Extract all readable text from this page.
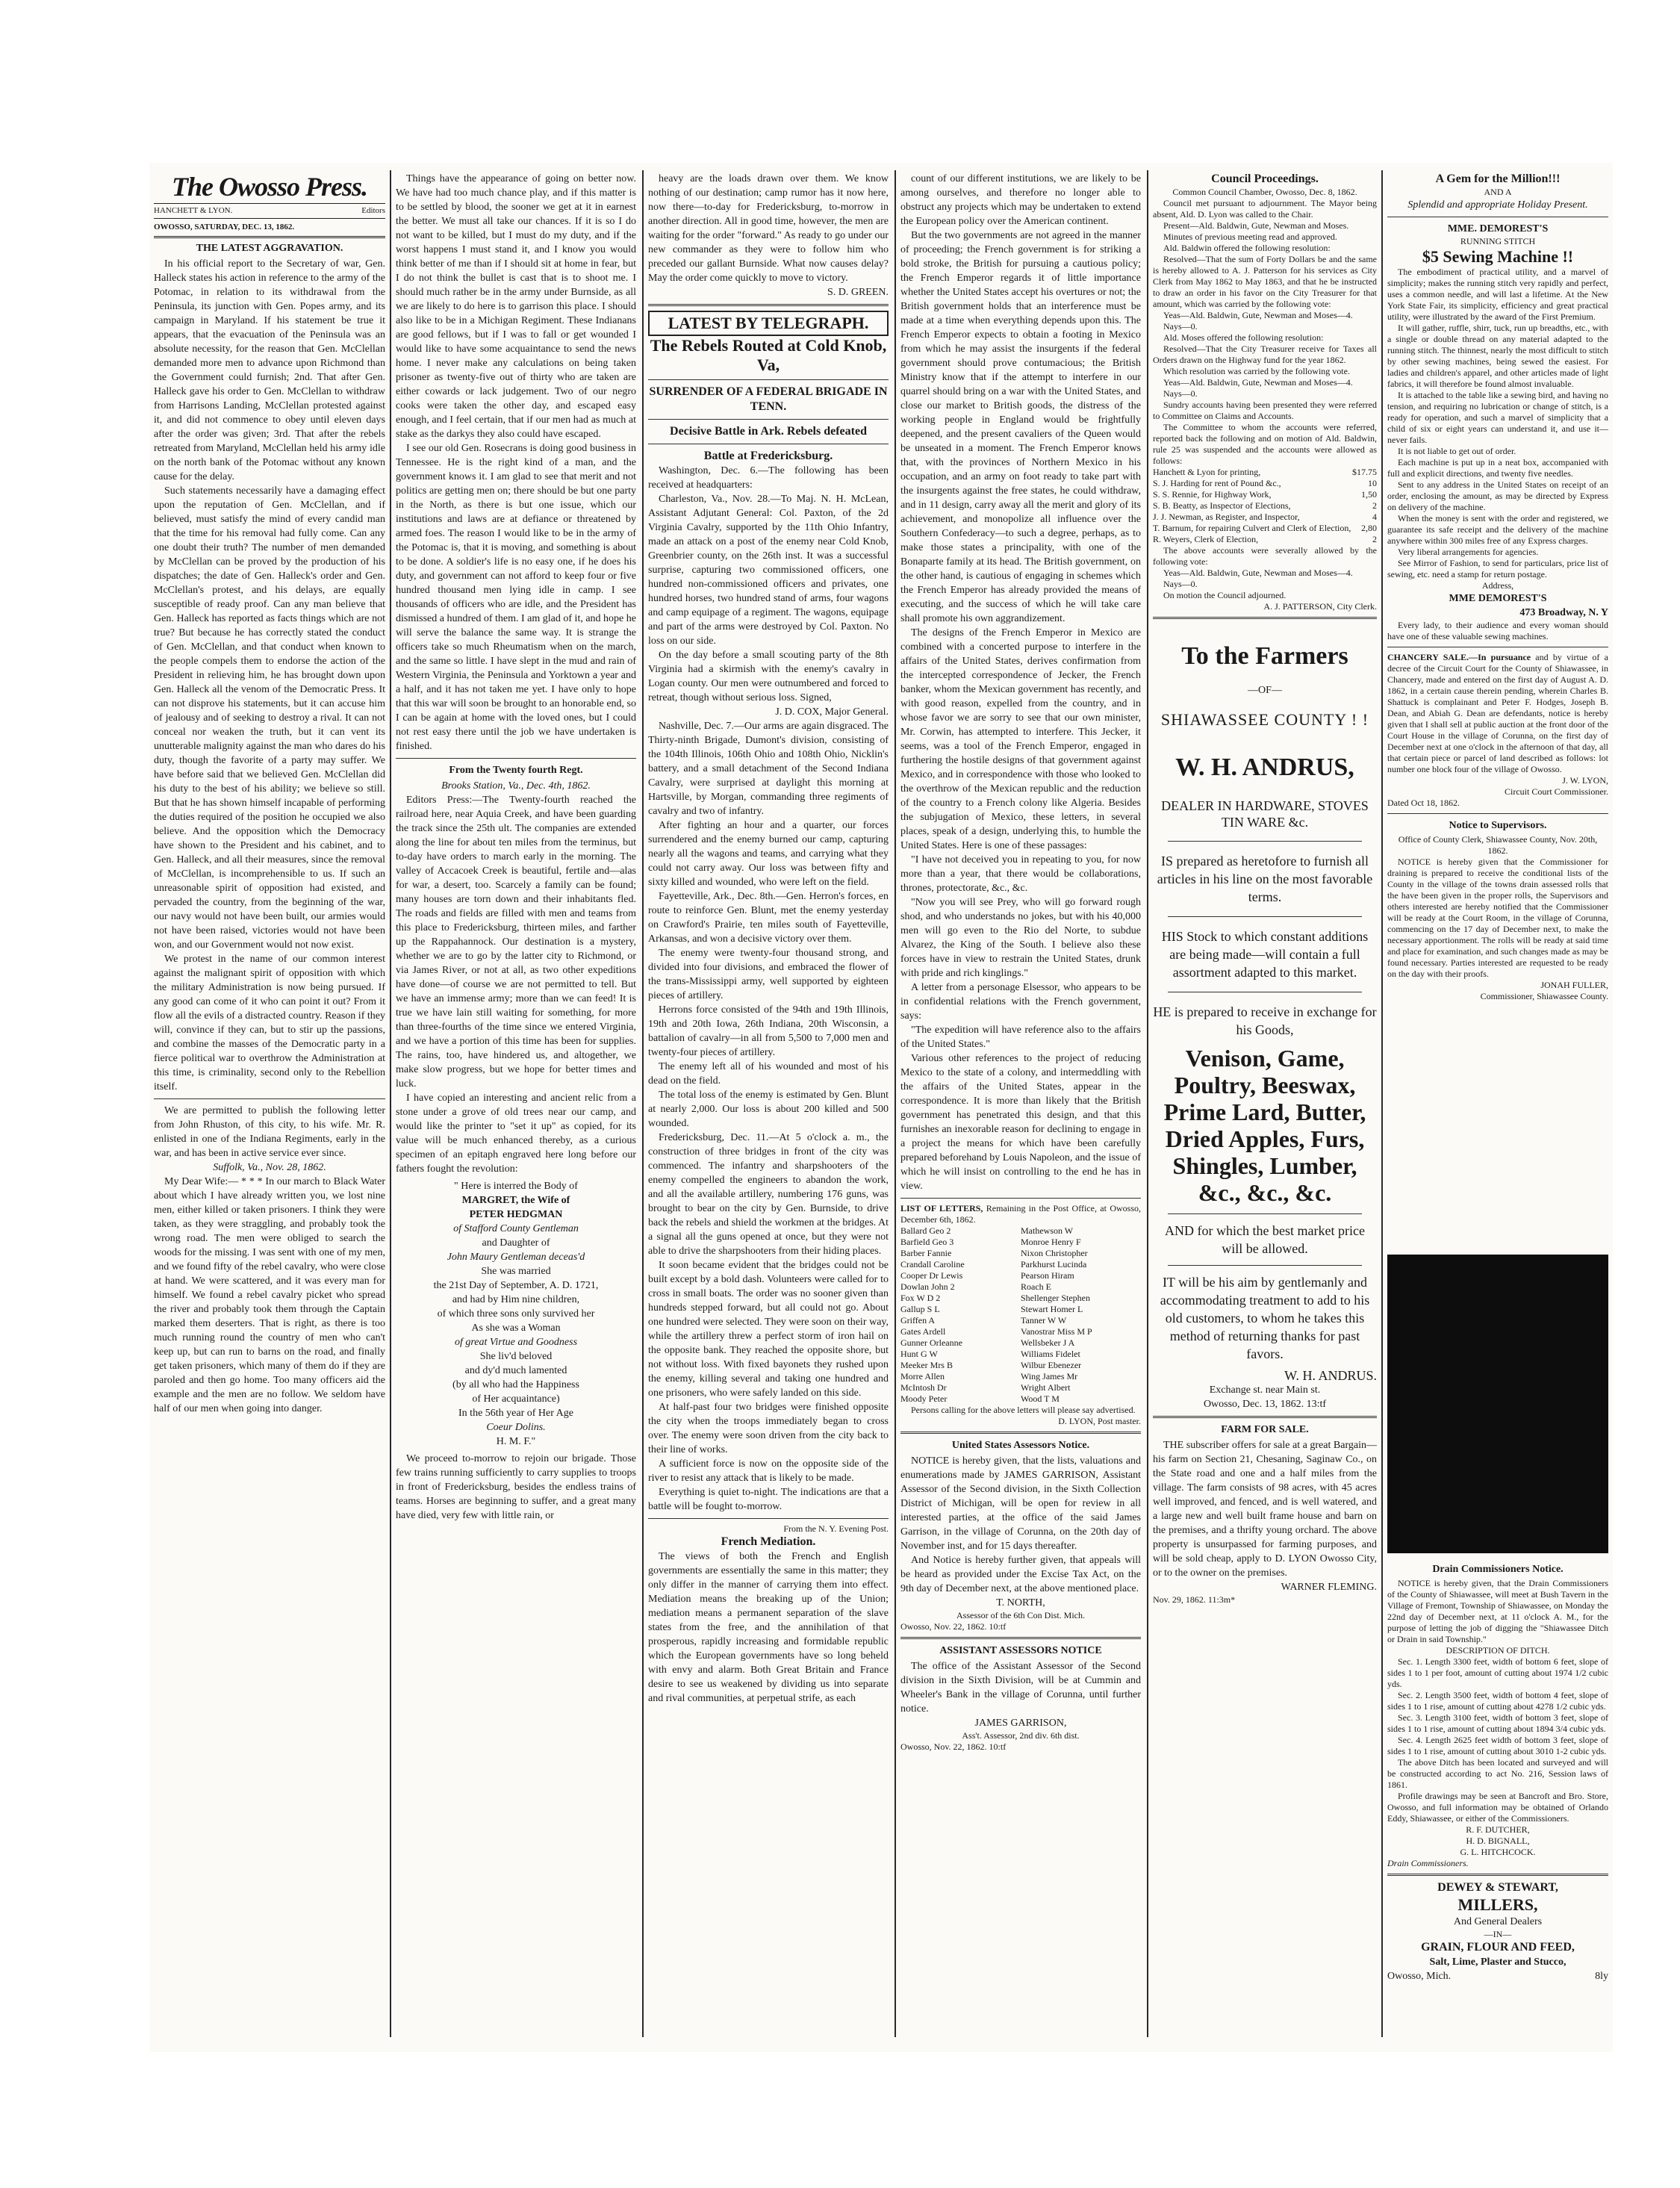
The Owosso Press.
HANCHETT & LYON.	Editors
OWOSSO, SATURDAY, DEC. 13, 1862.
THE LATEST AGGRAVATION.

In his official report to the Secretary of war, Gen. Halleck states his action in reference to the army of the Potomac, in relation to its withdrawal from the Peninsula, its junction with Gen. Popes army, and its campaign in Maryland. If his statement be true it appears, that the evacuation of the Peninsula was an absolute necessity, for the reason that Gen. McClellan demanded more men to advance upon Richmond than the Government could furnish; 2nd. That after Gen. Halleck gave his order to Gen. McClellan to withdraw from Harrisons Landing, McClellan protested against it, and did not commence to obey until eleven days after the order was given; 3rd. That after the rebels retreated from Maryland, McClellan held his army idle on the north bank of the Potomac without any known cause for the delay.

Such statements necessarily have a damaging effect upon the reputation of Gen. McClellan, and if believed, must satisfy the mind of every candid man that the time for his removal had fully come. Can any one doubt their truth? The number of men demanded by McClellan can be proved by the production of his dispatches; the date of Gen. Halleck's order and Gen. McClellan's protest, and his delays, are equally susceptible of ready proof. Can any man believe that Gen. Halleck has reported as facts things which are not true? But because he has correctly stated the conduct of Gen. McClellan, and that conduct when known to the people compels them to endorse the action of the President in relieving him, he has brought down upon Gen. Halleck all the venom of the Democratic Press. It can not disprove his statements, but it can accuse him of jealousy and of seeking to destroy a rival. It can not conceal nor weaken the truth, but it can vent its unutterable malignity against the man who dares do his duty, though the favorite of a party may suffer. We have before said that we believed Gen. McClellan did his duty to the best of his ability; we believe so still. But that he has shown himself incapable of performing the duties required of the position he occupied we also believe. And the opposition which the Democracy have shown to the President and his cabinet, and to Gen. Halleck, and all their measures, since the removal of McClellan, is incomprehensible to us. If such an unreasonable spirit of opposition had existed, and pervaded the country, from the beginning of the war, our navy would not have been built, our armies would not have been raised, victories would not have been won, and our Government would not now exist.

We protest in the name of our common interest against the malignant spirit of opposition with which the military Administration is now being pursued. If any good can come of it who can point it out? From it flow all the evils of a distracted country. Reason if they will, convince if they can, but to stir up the passions, and combine the masses of the Democratic party in a fierce political war to overthrow the Administration at this time, is criminality, second only to the Rebellion itself.

We are permitted to publish the following letter from John Rhuston, of this city, to his wife. Mr. R. enlisted in one of the Indiana Regiments, early in the war, and has been in active service ever since.

Suffolk, Va., Nov. 28, 1862.

My Dear Wife:— * * * In our march to Black Water about which I have already written you, we lost nine men, either killed or taken prisoners. I think they were taken, as they were straggling, and probably took the wrong road. The men were obliged to search the woods for the missing. I was sent with one of my men, and we found fifty of the rebel cavalry, who were close at hand. We were scattered, and it was every man for himself. We found a rebel cavalry picket who spread the river and probably took them through the Captain marked them deserters. That is right, as there is too much running round the country of men who can't keep up, but can run to barns on the road, and finally get taken prisoners, which many of them do if they are paroled and then go home. Too many officers aid the example and the men are no follow. We seldom have half of our men when going into danger.

Things have the appearance of going on better now. We have had too much chance play, and if this matter is to be settled by blood, the sooner we get at it in earnest the better. We must all take our chances. If it is so I do not want to be killed, but I must do my duty, and if the worst happens I must stand it, and I know you would think better of me than if I should sit at home in fear, but I do not think the bullet is cast that is to shoot me. I should much rather be in the army under Burnside, as all we are likely to do here is to garrison this place. I should also like to be in a Michigan Regiment. These Indianans are good fellows, but if I was to fall or get wounded I would like to have some acquaintance to send the news home. I never make any calculations on being taken prisoner as twenty-five out of thirty who are taken are either cowards or lack judgement. Two of our negro cooks were taken the other day, and escaped easy enough, and I feel certain, that if our men had as much at stake as the darkys they also could have escaped.

I see our old Gen. Rosecrans is doing good business in Tennessee. He is the right kind of a man, and the government knows it. I am glad to see that merit and not politics are getting men on; there should be but one party in the North, as there is but one issue, which our institutions and laws are at defiance or threatened by armed foes. The reason I would like to be in the army of the Potomac is, that it is moving, and something is about to be done. A soldier's life is no easy one, if he does his duty, and government can not afford to keep four or five hundred thousand men lying idle in camp. I see thousands of officers who are idle, and the President has dismissed a hundred of them. I am glad of it, and hope he will serve the balance the same way. It is strange the officers take so much Rheumatism when on the march, and the same so little. I have slept in the mud and rain of Western Virginia, the Peninsula and Yorktown a year and a half, and it has not taken me yet. I have only to hope that this war will soon be brought to an honorable end, so I can be again at home with the loved ones, but I could not rest easy there until the job we have undertaken is finished.

From the Twenty fourth Regt.

Brooks Station, Va., Dec. 4th, 1862.

Editors Press:—The Twenty-fourth reached the railroad here, near Aquia Creek, and have been guarding the track since the 25th ult. The companies are extended along the line for about ten miles from the terminus, but to-day have orders to march early in the morning. The valley of Accacoek Creek is beautiful, fertile and—alas for war, a desert, too. Scarcely a family can be found; many houses are torn down and their inhabitants fled. The roads and fields are filled with men and teams from this place to Fredericksburg, thirteen miles, and farther up the Rappahannock. Our destination is a mystery, whether we are to go by the latter city to Richmond, or via James River, or not at all, as two other expeditions have done—of course we are not permitted to tell. But we have an immense army; more than we can feed! It is true we have lain still waiting for something, for more than three-fourths of the time since we entered Virginia, and we have a portion of this time has been for supplies. The rains, too, have hindered us, and altogether, we make slow progress, but we hope for better times and luck.

I have copied an interesting and ancient relic from a stone under a grove of old trees near our camp, and would like the printer to "set it up" as copied, for its value will be much enhanced thereby, as a curious specimen of an epitaph engraved here long before our fathers fought the revolution:

" Here is interred the Body of
MARGRET, the Wife of
PETER HEDGMAN
of Stafford County Gentleman
and Daughter of
John Maury Gentleman deceas'd
She was married
the 21st Day of September, A. D. 1721,
and had by Him nine children,
of which three sons only survived her
As she was a Woman
of great Virtue and Goodness
She liv'd beloved
and dy'd much lamented
(by all who had the Happiness
of Her acquaintance)
In the 56th year of Her Age
Coeur Dolins.
H. M. F."

We proceed to-morrow to rejoin our brigade. Those few trains running sufficiently to carry supplies to troops in front of Fredericksburg, besides the endless trains of teams. Horses are beginning to suffer, and a great many have died, very few with little rain, or

heavy are the loads drawn over them. We know nothing of our destination; camp rumor has it now here, now there—to-day for Fredericksburg, to-morrow in another direction. All in good time, however, the men are waiting for the order "forward." As ready to go under our new commander as they were to follow him who preceded our gallant Burnside. What now causes delay? May the order come quickly to move to victory.

S. D. GREEN.

LATEST BY TELEGRAPH.
The Rebels Routed at Cold Knob, Va,
SURRENDER OF A FEDERAL BRIGADE IN TENN.
Decisive Battle in Ark. Rebels defeated
Battle at Fredericksburg.

Washington, Dec. 6.—The following has been received at headquarters:

Charleston, Va., Nov. 28.—To Maj. N. H. McLean, Assistant Adjutant General: Col. Paxton, of the 2d Virginia Cavalry, supported by the 11th Ohio Infantry, made an attack on a post of the enemy near Cold Knob, Greenbrier county, on the 26th inst. It was a successful surprise, capturing two commissioned officers, one hundred non-commissioned officers and privates, one hundred horses, two hundred stand of arms, four wagons and camp equipage of a regiment. The wagons, equipage and part of the arms were destroyed by Col. Paxton. No loss on our side.

On the day before a small scouting party of the 8th Virginia had a skirmish with the enemy's cavalry in Logan county. Our men were outnumbered and forced to retreat, though without serious loss. Signed,

J. D. COX, Major General.

Nashville, Dec. 7.—Our arms are again disgraced. The Thirty-ninth Brigade, Dumont's division, consisting of the 104th Illinois, 106th Ohio and 108th Ohio, Nicklin's battery, and a small detachment of the Second Indiana Cavalry, were surprised at daylight this morning at Hartsville, by Morgan, commanding three regiments of cavalry and two of infantry.

After fighting an hour and a quarter, our forces surrendered and the enemy burned our camp, capturing nearly all the wagons and teams, and carrying what they could not carry away. Our loss was between fifty and sixty killed and wounded, who were left on the field.

Fayetteville, Ark., Dec. 8th.—Gen. Herron's forces, en route to reinforce Gen. Blunt, met the enemy yesterday on Crawford's Prairie, ten miles south of Fayetteville, Arkansas, and won a decisive victory over them.

The enemy were twenty-four thousand strong, and divided into four divisions, and embraced the flower of the trans-Mississippi army, well supported by eighteen pieces of artillery.

Herrons force consisted of the 94th and 19th Illinois, 19th and 20th Iowa, 26th Indiana, 20th Wisconsin, a battalion of cavalry—in all from 5,500 to 7,000 men and twenty-four pieces of artillery.

The enemy left all of his wounded and most of his dead on the field.

The total loss of the enemy is estimated by Gen. Blunt at nearly 2,000. Our loss is about 200 killed and 500 wounded.

Fredericksburg, Dec. 11.—At 5 o'clock a. m., the construction of three bridges in front of the city was commenced. The infantry and sharpshooters of the enemy compelled the engineers to abandon the work, and all the available artillery, numbering 176 guns, was brought to bear on the city by Gen. Burnside, to drive back the rebels and shield the workmen at the bridges. At a signal all the guns opened at once, but they were not able to drive the sharpshooters from their hiding places.

It soon became evident that the bridges could not be built except by a bold dash. Volunteers were called for to cross in small boats. The order was no sooner given than hundreds stepped forward, but all could not go. About one hundred were selected. They were soon on their way, while the artillery threw a perfect storm of iron hail on the opposite bank. They reached the opposite shore, but not without loss. With fixed bayonets they rushed upon the enemy, killing several and taking one hundred and one prisoners, who were safely landed on this side.

At half-past four two bridges were finished opposite the city when the troops immediately began to cross over. The enemy were soon driven from the city back to their line of works.

A sufficient force is now on the opposite side of the river to resist any attack that is likely to be made.

Everything is quiet to-night. The indications are that a battle will be fought to-morrow.

From the N. Y. Evening Post.

French Mediation.

The views of both the French and English governments are essentially the same in this matter; they only differ in the manner of carrying them into effect. Mediation means the breaking up of the Union; mediation means a permanent separation of the slave states from the free, and the annihilation of that prosperous, rapidly increasing and formidable republic which the European governments have so long beheld with envy and alarm. Both Great Britain and France desire to see us weakened by dividing us into separate and rival communities, at perpetual strife, as each

count of our different institutions, we are likely to be among ourselves, and therefore no longer able to obstruct any projects which may be undertaken to extend the European policy over the American continent.

But the two governments are not agreed in the manner of proceeding; the French government is for striking a bold stroke, the British for pursuing a cautious policy; the French Emperor regards it of little importance whether the United States accept his overtures or not; the British government holds that an interference must be made at a time when everything depends upon this. The French Emperor expects to obtain a footing in Mexico from which he may assist the insurgents if the federal government should prove contumacious; the British Ministry know that if the attempt to interfere in our quarrel should bring on a war with the United States, and close our market to British goods, the distress of the working people in England would be frightfully deepened, and the present cavaliers of the Queen would be unseated in a moment. The French Emperor knows that, with the provinces of Northern Mexico in his occupation, and an army on foot ready to take part with the insurgents against the free states, he could withdraw, and in 11 design, carry away all the merit and glory of its achievement, and monopolize all influence over the Southern Confederacy—to such a degree, perhaps, as to make those states a principality, with one of the Bonaparte family at its head. The British government, on the other hand, is cautious of engaging in schemes which the French Emperor has already provided the means of executing, and the success of which he will take care shall promote his own aggrandizement.

The designs of the French Emperor in Mexico are combined with a concerted purpose to interfere in the affairs of the United States, derives confirmation from the intercepted correspondence of Jecker, the French banker, whom the Mexican government has recently, and with good reason, expelled from the country, and in whose favor we are sorry to see that our own minister, Mr. Corwin, has attempted to interfere. This Jecker, it seems, was a tool of the French Emperor, engaged in furthering the hostile designs of that government against Mexico, and in correspondence with those who looked to the overthrow of the Mexican republic and the reduction of the country to a French colony like Algeria. Besides the subjugation of Mexico, these letters, in several places, speak of a design, underlying this, to humble the United States. Here is one of these passages:

"I have not deceived you in repeating to you, for now more than a year, that there would be collaborations, thrones, protectorate, &c., &c.

"Now you will see Prey, who will go forward rough shod, and who understands no jokes, but with his 40,000 men will go even to the Rio del Norte, to subdue Alvarez, the King of the South. I believe also these forces have in view to restrain the United States, drunk with pride and rich kinglings."

A letter from a personage Elsessor, who appears to be in confidential relations with the French government, says:

"The expedition will have reference also to the affairs of the United States."

Various other references to the project of reducing Mexico to the state of a colony, and intermeddling with the affairs of the United States, appear in the correspondence. It is more than likely that the British government has penetrated this design, and that this furnishes an inexorable reason for declining to engage in a project the means for which have been carefully prepared beforehand by Louis Napoleon, and the issue of which he will insist on controlling to the end he has in view.

LIST OF LETTERS, Remaining in the Post Office, at Owosso, December 6th, 1862.
Ballard Geo 2	Mathewson W
Barfield Geo 3	Monroe Henry F
Barber Fannie	Nixon Christopher
Crandall Caroline	Parkhurst Lucinda
Cooper Dr Lewis	Pearson Hiram
Dowlan John 2	Roach E
Fox W D 2	Shellenger Stephen
Gallup S L	Stewart Homer L
Griffen A	Tanner W W
Gates Ardell	Vanostrar Miss M P
Gunner Orleanne	Wellsbeker J A
Hunt G W	Williams Fidelet
Meeker Mrs B	Wilbur Ebenezer
Morre Allen	Wing James Mr
McIntosh Dr	Wright Albert
Moody Peter	Wood T M

Persons calling for the above letters will please say advertised.

D. LYON, Post master.

United States Assessors Notice.

NOTICE is hereby given, that the lists, valuations and enumerations made by JAMES GARRISON, Assistant Assessor of the Second division, in the Sixth Collection District of Michigan, will be open for review in all interested parties, at the office of the said James Garrison, in the village of Corunna, on the 20th day of November inst, and for 15 days thereafter.

And Notice is hereby further given, that appeals will be heard as provided under the Excise Tax Act, on the 9th day of December next, at the above mentioned place.

T. NORTH,

Assessor of the 6th Con Dist. Mich.

Owosso, Nov. 22, 1862. 10:tf

ASSISTANT ASSESSORS NOTICE

The office of the Assistant Assessor of the Second division in the Sixth Division, will be at Cummin and Wheeler's Bank in the village of Corunna, until further notice.

JAMES GARRISON,

Ass't. Assessor, 2nd div. 6th dist.

Owosso, Nov. 22, 1862. 10:tf

Council Proceedings.

Common Council Chamber, Owosso, Dec. 8, 1862.

Council met pursuant to adjournment. The Mayor being absent, Ald. D. Lyon was called to the Chair.

Present—Ald. Baldwin, Gute, Newman and Moses.

Minutes of previous meeting read and approved.

Ald. Baldwin offered the following resolution:

Resolved—That the sum of Forty Dollars be and the same is hereby allowed to A. J. Patterson for his services as City Clerk from May 1862 to May 1863, and that he be instructed to draw an order in his favor on the City Treasurer for that amount, which was carried by the following vote:

Yeas—Ald. Baldwin, Gute, Newman and Moses—4.

Nays—0.

Ald. Moses offered the following resolution:

Resolved—That the City Treasurer receive for Taxes all Orders drawn on the Highway fund for the year 1862.

Which resolution was carried by the following vote.

Yeas—Ald. Baldwin, Gute, Newman and Moses—4.

Nays—0.

Sundry accounts having been presented they were referred to Committee on Claims and Accounts.

The Committee to whom the accounts were referred, reported back the following and on motion of Ald. Baldwin, rule 25 was suspended and the accounts were allowed as follows:

Hanchett & Lyon for printing,	$17.75
S. J. Harding for rent of Pound &c.,	10
S. S. Rennie, for Highway Work,	1,50
S. B. Beatty, as Inspector of Elections,	2
J. J. Newman, as Register, and Inspector,	4
T. Barnum, for repairing Culvert and Clerk of Election, 2,80
R. Weyers, Clerk of Election,	2

The above accounts were severally allowed by the following vote:

Yeas—Ald. Baldwin, Gute, Newman and Moses—4.

Nays—0.

On motion the Council adjourned.

A. J. PATTERSON, City Clerk.

To the Farmers
—OF—
SHIAWASSEE COUNTY ! !
W. H. ANDRUS,
DEALER IN HARDWARE, STOVES TIN WARE &c.

IS prepared as heretofore to furnish all articles in his line on the most favorable terms.

HIS Stock to which constant additions are being made—will contain a full assortment adapted to this market.

HE is prepared to receive in exchange for his Goods,

Venison, Game, Poultry, Beeswax, Prime Lard, Butter, Dried Apples, Furs, Shingles, Lumber, &c., &c., &c.

AND for which the best market price will be allowed.

IT will be his aim by gentlemanly and accommodating treatment to add to his old customers, to whom he takes this method of returning thanks for past favors.

W. H. ANDRUS.

Exchange st. near Main st.

Owosso, Dec. 13, 1862. 13:tf

FARM FOR SALE.

THE subscriber offers for sale at a great Bargain—his farm on Section 21, Chesaning, Saginaw Co., on the State road and one and a half miles from the village. The farm consists of 98 acres, with 45 acres well improved, and fenced, and is well watered, and a large new and well built frame house and barn on the premises, and a thrifty young orchard. The above property is unsurpassed for farming purposes, and will be sold cheap, apply to D. LYON Owosso City, or to the owner on the premises.

WARNER FLEMING.

Nov. 29, 1862. 11:3m*

A Gem for the Million!!!

AND A

Splendid and appropriate Holiday Present.

MME. DEMOREST'S

RUNNING STITCH

$5 Sewing Machine !!

The embodiment of practical utility, and a marvel of simplicity; makes the running stitch very rapidly and perfect, uses a common needle, and will last a lifetime. At the New York State Fair, its simplicity, efficiency and great practical utility, were illustrated by the award of the First Premium.

It will gather, ruffle, shirr, tuck, run up breadths, etc., with a single or double thread on any material adapted to the running stitch. The thinnest, nearly the most difficult to stitch by other sewing machines, being sewed the easiest. For ladies and children's apparel, and other articles made of light fabrics, it will therefore be found almost invaluable.

It is attached to the table like a sewing bird, and having no tension, and requiring no lubrication or change of stitch, is a ready for operation, and such a marvel of simplicity that a child of six or eight years can understand it, and use it—never fails.

It is not liable to get out of order.

Each machine is put up in a neat box, accompanied with full and explicit directions, and twenty five needles.

Sent to any address in the United States on receipt of an order, enclosing the amount, as may be directed by Express on delivery of the machine.

When the money is sent with the order and registered, we guarantee its safe receipt and the delivery of the machine anywhere within 300 miles free of any Express charges.

Very liberal arrangements for agencies.

See Mirror of Fashion, to send for particulars, price list of sewing, etc. need a stamp for return postage.

Address,

MME DEMOREST'S

473 Broadway, N. Y

Every lady, to their audience and every woman should have one of these valuable sewing machines.

CHANCERY SALE.—In pursuance and by virtue of a decree of the Circuit Court for the County of Shiawassee, in Chancery, made and entered on the first day of August A. D. 1862, in a certain cause therein pending, wherein Charles B. Shattuck is complainant and Peter F. Hodges, Joseph B. Dean, and Abiah G. Dean are defendants, notice is hereby given that I shall sell at public auction at the front door of the Court House in the village of Corunna, on the first day of December next at one o'clock in the afternoon of that day, all that certain piece or parcel of land described as follows: lot number one block four of the village of Owosso.

J. W. LYON,

Circuit Court Commissioner.

Dated Oct 18, 1862.

Notice to Supervisors.

Office of County Clerk, Shiawassee County, Nov. 20th, 1862.

NOTICE is hereby given that the Commissioner for draining is prepared to receive the conditional lists of the County in the village of the towns drain assessed rolls that the have been given in the proper rolls, the Supervisors and others interested are hereby notified that the Commissioner will be ready at the Court Room, in the village of Corunna, commencing on the 17 day of December next, to make the necessary apportionment. The rolls will be ready at said time and place for examination, and such changes made as may be found necessary. Parties interested are requested to be ready on the day with their proofs.

JONAH FULLER,

Commissioner, Shiawassee County.

Drain Commissioners Notice.

NOTICE is hereby given, that the Drain Commissioners of the County of Shiawassee, will meet at Bush Tavern in the Village of Fremont, Township of Shiawassee, on Monday the 22nd day of December next, at 11 o'clock A. M., for the purpose of letting the job of digging the "Shiawassee Ditch or Drain in said Township."

DESCRIPTION OF DITCH.

Sec. 1. Length 3300 feet, width of bottom 6 feet, slope of sides 1 to 1 per foot, amount of cutting about 1974 1/2 cubic yds.

Sec. 2. Length 3500 feet, width of bottom 4 feet, slope of sides 1 to 1 rise, amount of cutting about 4278 1/2 cubic yds.

Sec. 3. Length 3100 feet, width of bottom 3 feet, slope of sides 1 to 1 rise, amount of cutting about 1894 3/4 cubic yds.

Sec. 4. Length 2625 feet width of bottom 3 feet, slope of sides 1 to 1 rise, amount of cutting about 3010 1-2 cubic yds.

The above Ditch has been located and surveyed and will be constructed according to act No. 216, Session laws of 1861.

Profile drawings may be seen at Bancroft and Bro. Store, Owosso, and full information may be obtained of Orlando Eddy, Shiawassee, or either of the Commissioners.

R. F. DUTCHER,

H. D. BIGNALL,

G. L. HITCHCOCK.

Drain Commissioners.

DEWEY & STEWART,
MILLERS,

And General Dealers

—IN—

GRAIN, FLOUR AND FEED,

Salt, Lime, Plaster and Stucco,

Owosso, Mich.	8ly
